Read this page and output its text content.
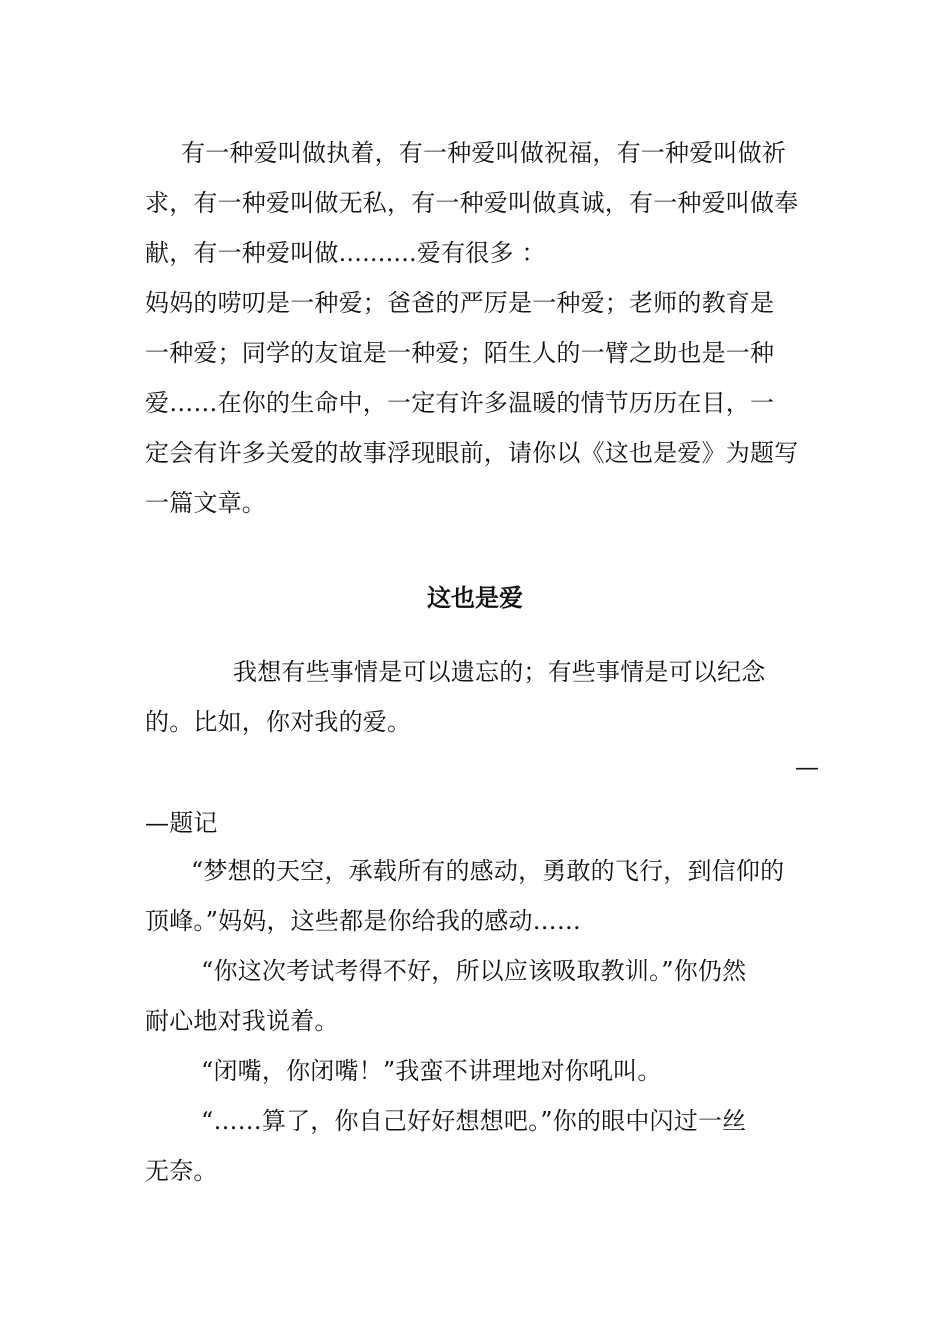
有一种爱叫做执着，有一种爱叫做祝福，有一种爱叫做祈
求，有一种爱叫做无私，有一种爱叫做真诚，有一种爱叫做奉
献，有一种爱叫做..........爱有很多 ：
妈妈的唠叨是一种爱；爸爸的严厉是一种爱；老师的教育是
一种爱；同学的友谊是一种爱；陌生人的一臂之助也是一种
爱……在你的生命中，一定有许多温暖的情节历历在目，一
定会有许多关爱的故事浮现眼前，请你以《这也是爱》为题写
一篇文章。
这也是爱
我想有些事情是可以遗忘的；有些事情是可以纪念
的。比如，你对我的爱。
—
—题记
“梦想的天空，承载所有的感动，勇敢的飞行，到信仰的
顶峰。”妈妈，这些都是你给我的感动……
“你这次考试考得不好，所以应该吸取教训。”你仍然
耐心地对我说着。
“闭嘴，你闭嘴！”我蛮不讲理地对你吼叫。
“……算了，你自己好好想想吧。”你的眼中闪过一丝
无奈。
